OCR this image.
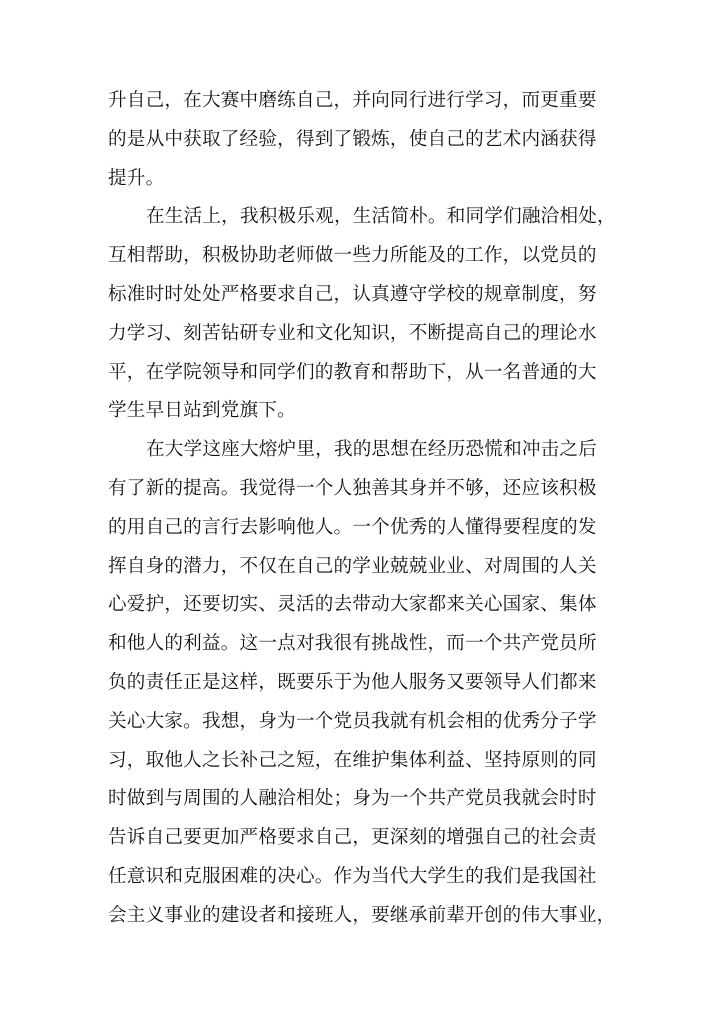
升自己，在大赛中磨练自己，并向同行进行学习，而更重要
的是从中获取了经验，得到了锻炼，使自己的艺术内涵获得
提升。
在生活上，我积极乐观，生活简朴。和同学们融洽相处，
互相帮助，积极协助老师做一些力所能及的工作，以党员的
标准时时处处严格要求自己，认真遵守学校的规章制度，努
力学习、刻苦钻研专业和文化知识，不断提高自己的理论水
平，在学院领导和同学们的教育和帮助下，从一名普通的大
学生早日站到党旗下。
在大学这座大熔炉里，我的思想在经历恐慌和冲击之后
有了新的提高。我觉得一个人独善其身并不够，还应该积极
的用自己的言行去影响他人。一个优秀的人懂得要程度的发
挥自身的潜力，不仅在自己的学业兢兢业业、对周围的人关
心爱护，还要切实、灵活的去带动大家都来关心国家、集体
和他人的利益。这一点对我很有挑战性，而一个共产党员所
负的责任正是这样，既要乐于为他人服务又要领导人们都来
关心大家。我想，身为一个党员我就有机会相的优秀分子学
习，取他人之长补己之短，在维护集体利益、坚持原则的同
时做到与周围的人融洽相处；身为一个共产党员我就会时时
告诉自己要更加严格要求自己，更深刻的增强自己的社会责
任意识和克服困难的决心。作为当代大学生的我们是我国社
会主义事业的建设者和接班人，要继承前辈开创的伟大事业，
